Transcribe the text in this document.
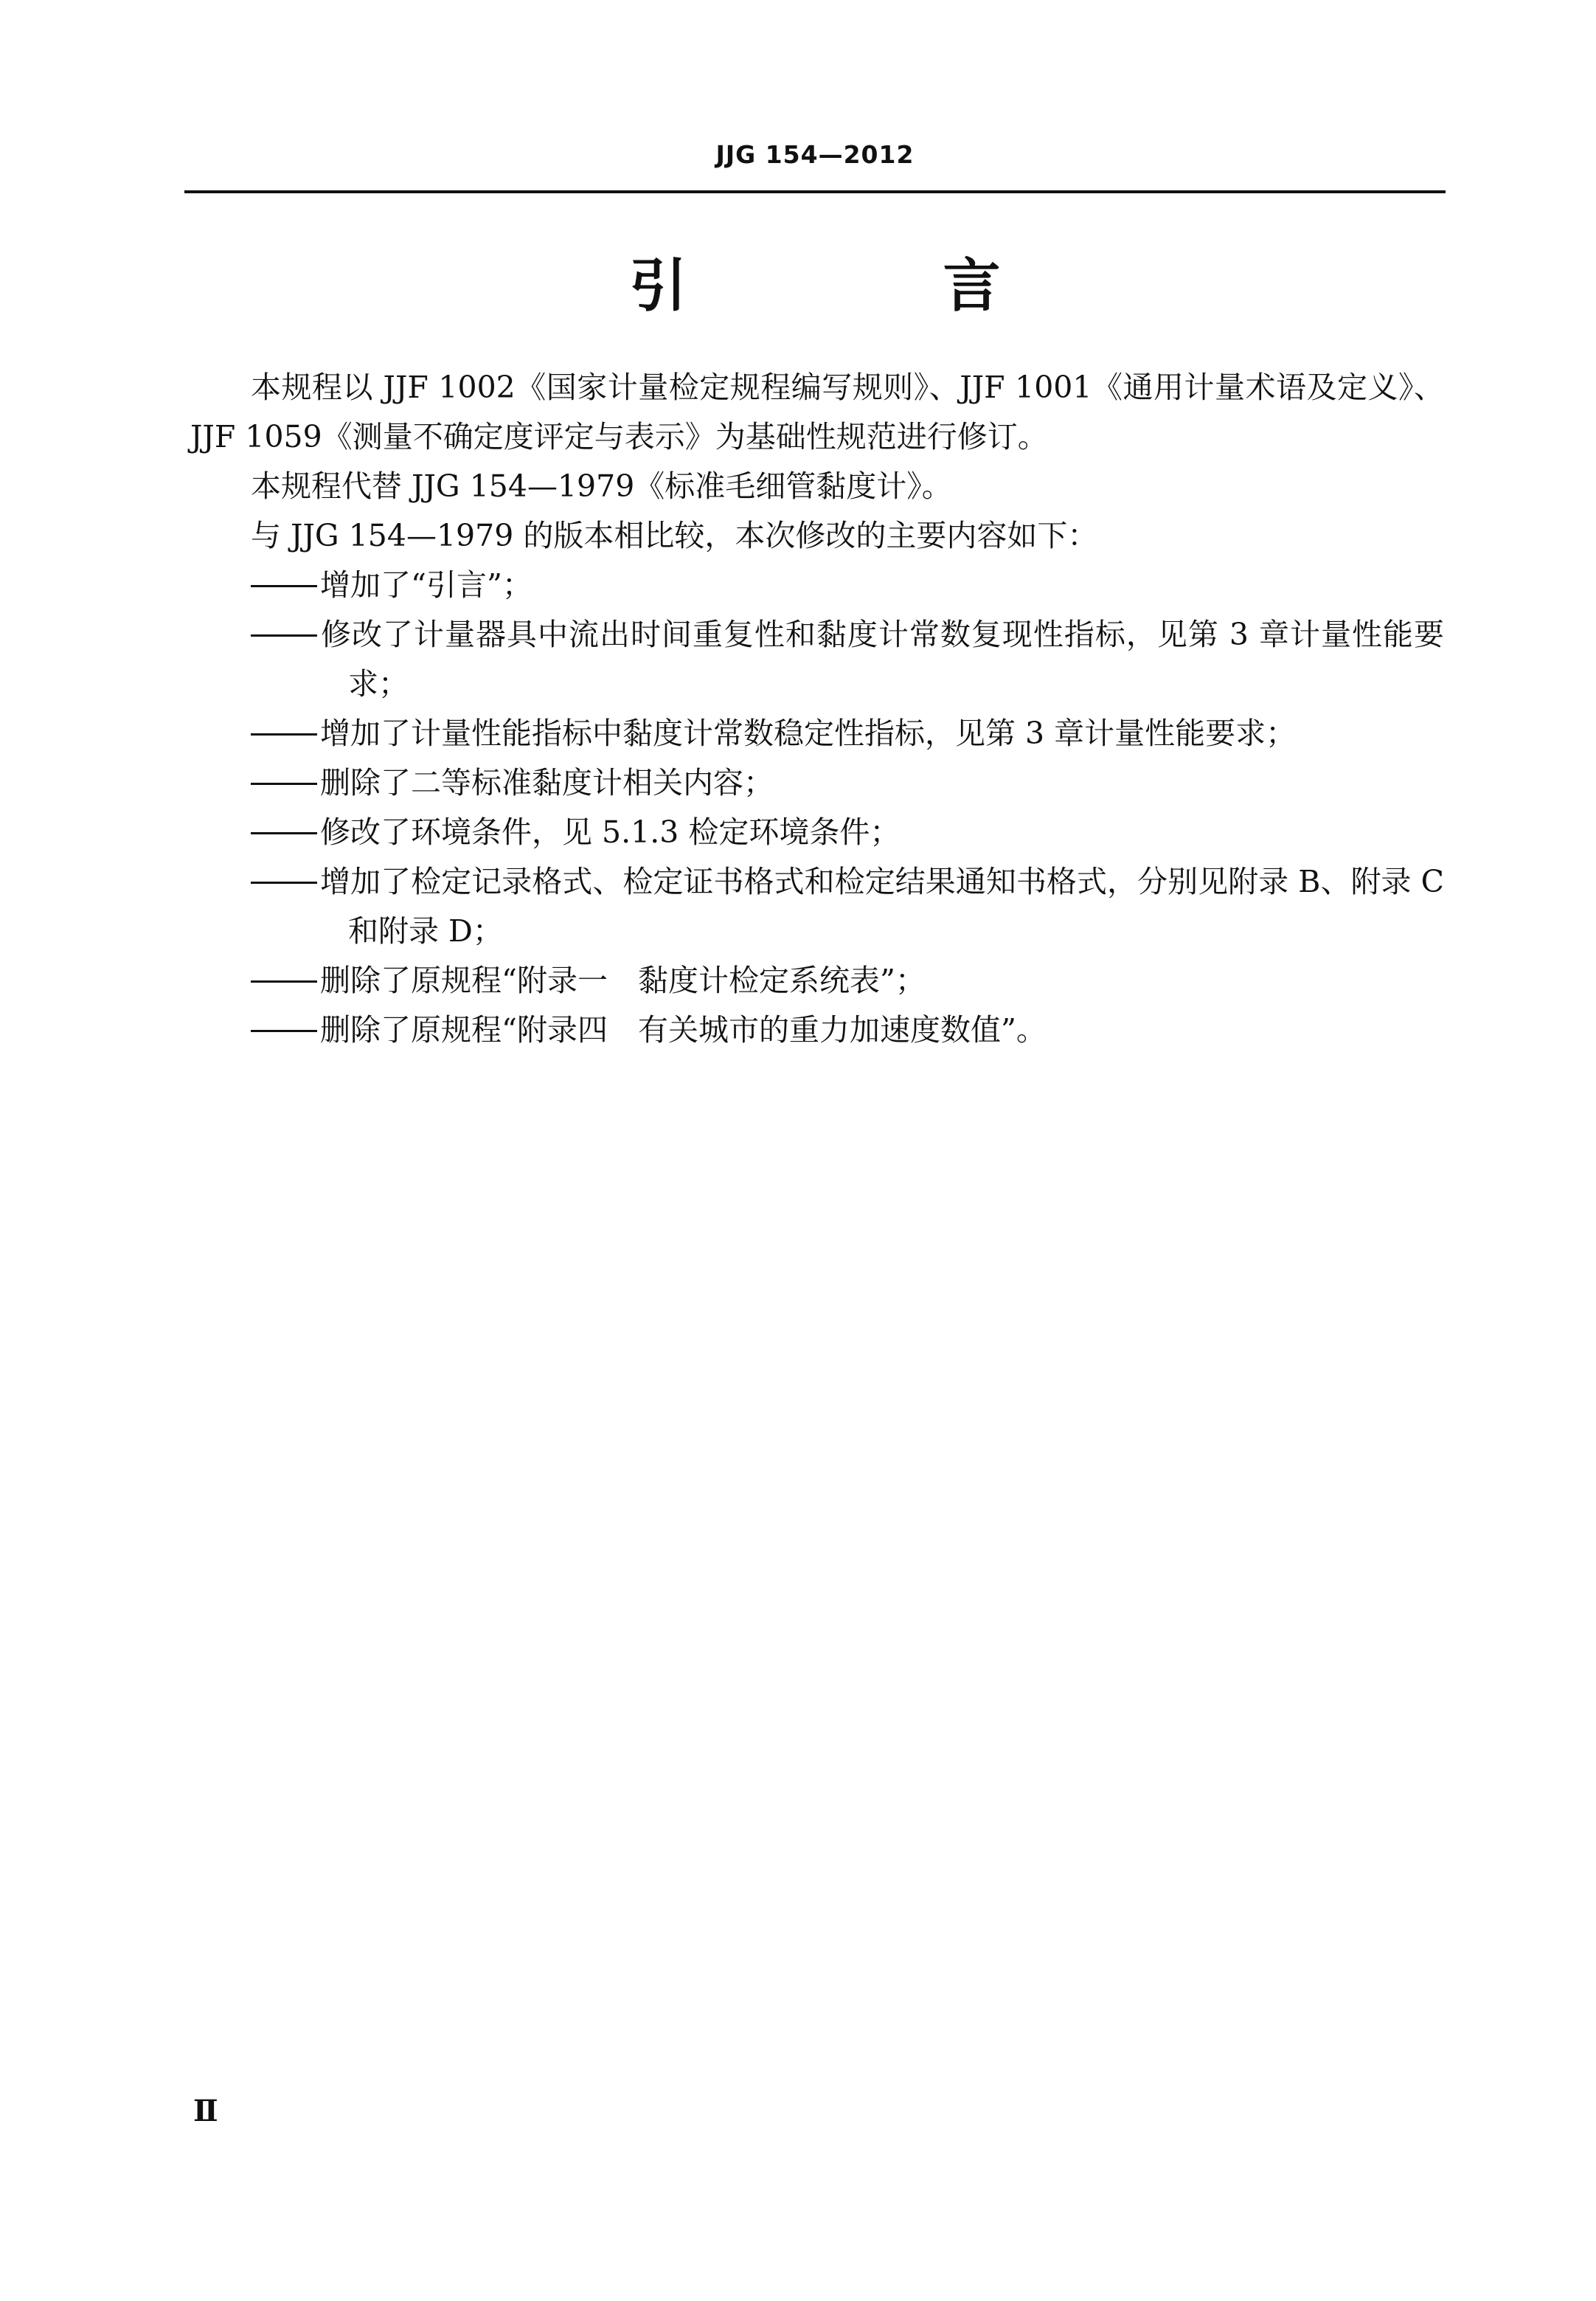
JJG 154—2012
引 言

本规程以 JJF 1002《国家计量检定规程编写规则》、JJF 1001《通用计量术语及定义》、JJF 1059《测量不确定度评定与表示》为基础性规范进行修订。

本规程代替 JJG 154—1979《标准毛细管黏度计》。

与 JJG 154—1979 的版本相比较，本次修改的主要内容如下：

增加了“引言”；

修改了计量器具中流出时间重复性和黏度计常数复现性指标，见第 3 章计量性能要求；

增加了计量性能指标中黏度计常数稳定性指标，见第 3 章计量性能要求；

删除了二等标准黏度计相关内容；

修改了环境条件，见 5.1.3 检定环境条件；

增加了检定记录格式、检定证书格式和检定结果通知书格式，分别见附录 B、附录 C 和附录 D；

删除了原规程“附录一　黏度计检定系统表”；

删除了原规程“附录四　有关城市的重力加速度数值”。

Ⅱ
